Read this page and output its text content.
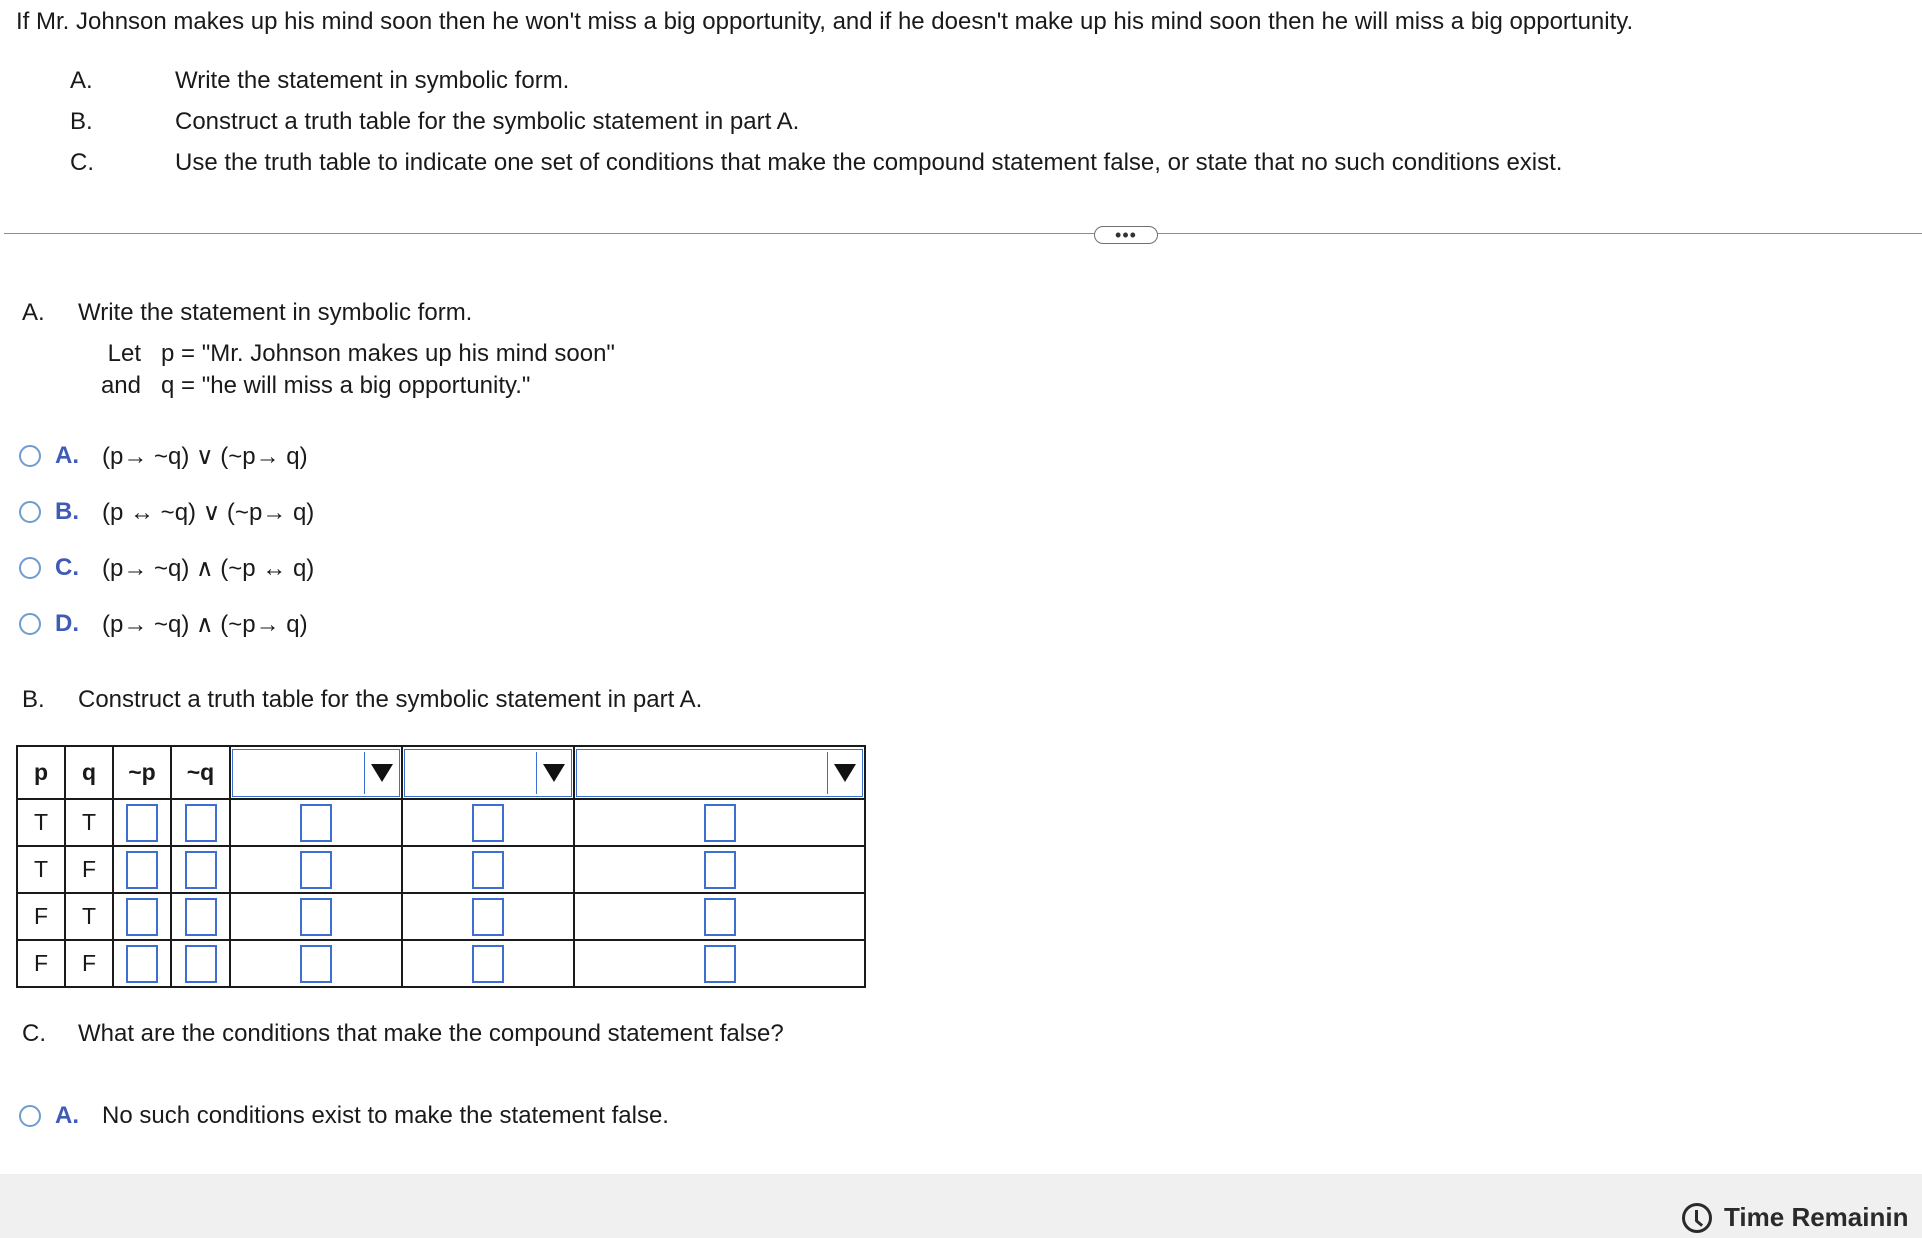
If Mr. Johnson makes up his mind soon then he won't miss a big opportunity, and if he doesn't make up his mind soon then he will miss a big opportunity.
A.	Write the statement in symbolic form.
B.	Construct a truth table for the symbolic statement in part A.
C.	Use the truth table to indicate one set of conditions that make the compound statement false, or state that no such conditions exist.
•••
A.	Write the statement in symbolic form.
Let p = "Mr. Johnson makes up his mind soon"
and q = "he will miss a big opportunity."
A. (p→ ~q) ∨ (~p→ q)
B. (p ↔ ~q) ∨ (~p→ q)
C. (p→ ~q) ∧ (~p ↔ q)
D. (p→ ~q) ∧ (~p→ q)
B.	Construct a truth table for the symbolic statement in part A.
p	q	~p	~q	

T	T					
T	F					
F	T					
F	F					
C.	What are the conditions that make the compound statement false?
A. No such conditions exist to make the statement false.
Time Remainin
